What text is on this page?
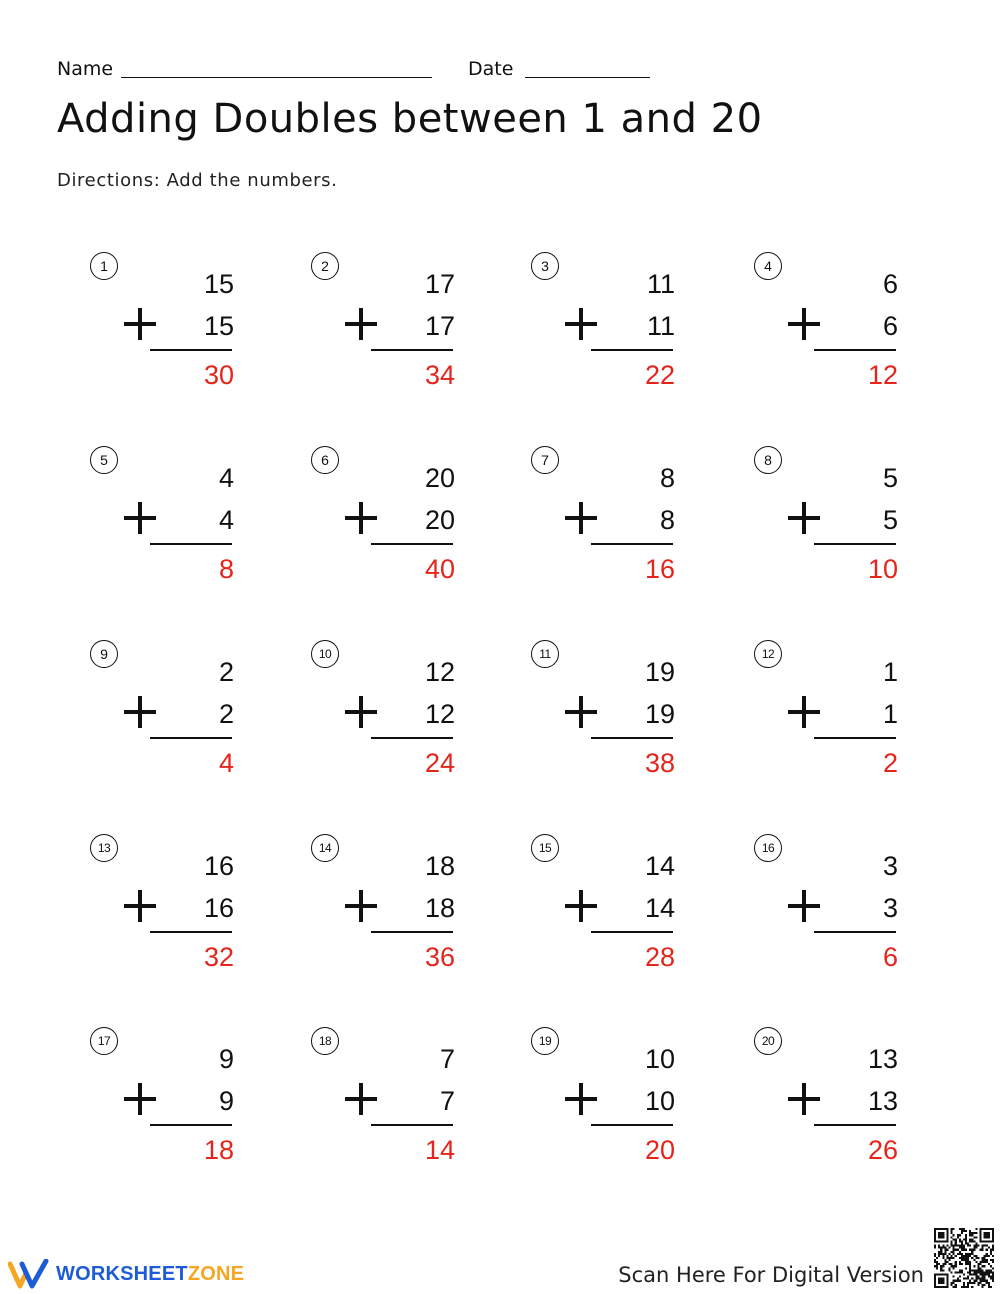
Name	Date
Adding Doubles between 1 and 20
Directions: Add the numbers.
1
15
15
30
2
17
17
34
3
11
11
22
4
6
6
12
5
4
4
8
6
20
20
40
7
8
8
16
8
5
5
10
9
2
2
4
10
12
12
24
11
19
19
38
12
1
1
2
13
16
16
32
14
18
18
36
15
14
14
28
16
3
3
6
17
9
9
18
18
7
7
14
19
10
10
20
20
13
13
26
WORKSHEETZONE	Scan Here For Digital Version
